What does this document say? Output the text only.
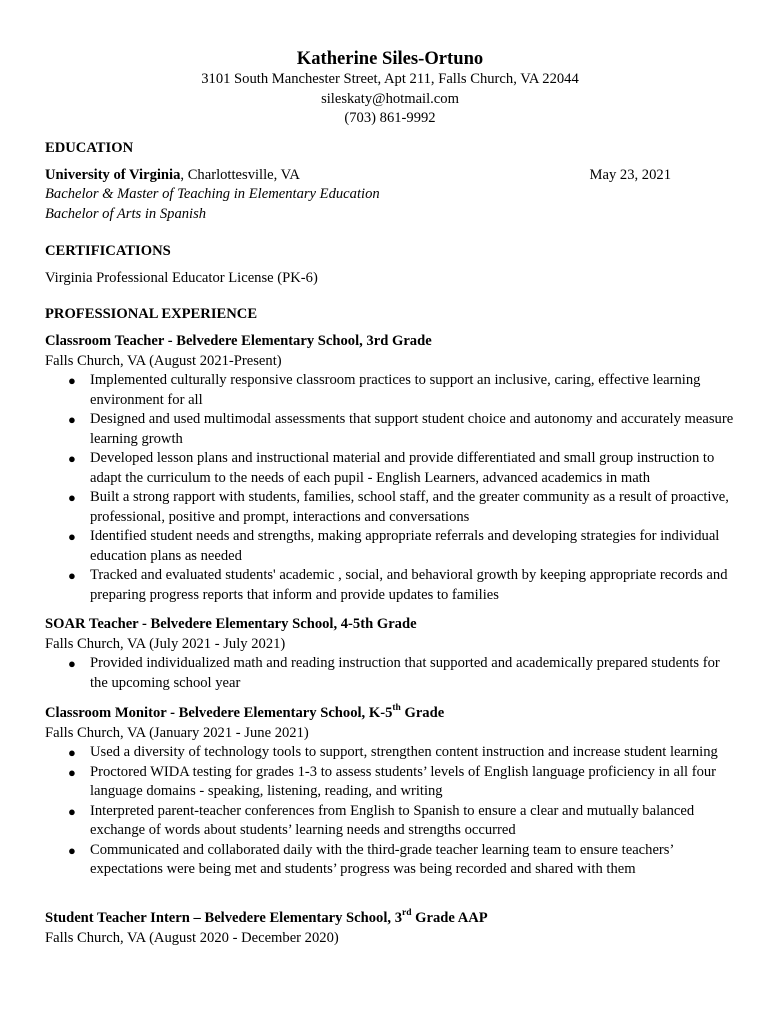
Katherine Siles-Ortuno
3101 South Manchester Street, Apt 211, Falls Church, VA 22044
sileskaty@hotmail.com
(703) 861-9992
EDUCATION
University of Virginia, Charlottesville, VA	May 23, 2021
Bachelor & Master of Teaching in Elementary Education
Bachelor of Arts in Spanish
CERTIFICATIONS
Virginia Professional Educator License (PK-6)
PROFESSIONAL EXPERIENCE
Classroom Teacher - Belvedere Elementary School, 3rd Grade
Falls Church, VA (August 2021-Present)
● Implemented culturally responsive classroom practices to support an inclusive, caring, effective learning environment for all
● Designed and used multimodal assessments that support student choice and autonomy and accurately measure learning growth
● Developed lesson plans and instructional material and provide differentiated and small group instruction to adapt the curriculum to the needs of each pupil - English Learners, advanced academics in math
● Built a strong rapport with students, families, school staff, and the greater community as a result of proactive, professional, positive and prompt, interactions and conversations
● Identified student needs and strengths, making appropriate referrals and developing strategies for individual education plans as needed
● Tracked and evaluated students' academic , social, and behavioral growth by keeping appropriate records and preparing progress reports that inform and provide updates to families
SOAR Teacher - Belvedere Elementary School, 4-5th Grade
Falls Church, VA (July 2021 - July 2021)
● Provided individualized math and reading instruction that supported and academically prepared students for the upcoming school year
Classroom Monitor - Belvedere Elementary School, K-5th Grade
Falls Church, VA (January 2021 - June 2021)
● Used a diversity of technology tools to support, strengthen content instruction and increase student learning
● Proctored WIDA testing for grades 1-3 to assess students’ levels of English language proficiency in all four language domains - speaking, listening, reading, and writing
● Interpreted parent-teacher conferences from English to Spanish to ensure a clear and mutually balanced exchange of words about students’ learning needs and strengths occurred
● Communicated and collaborated daily with the third-grade teacher learning team to ensure teachers’ expectations were being met and students’ progress was being recorded and shared with them
Student Teacher Intern – Belvedere Elementary School, 3rd Grade AAP
Falls Church, VA (August 2020 - December 2020)
